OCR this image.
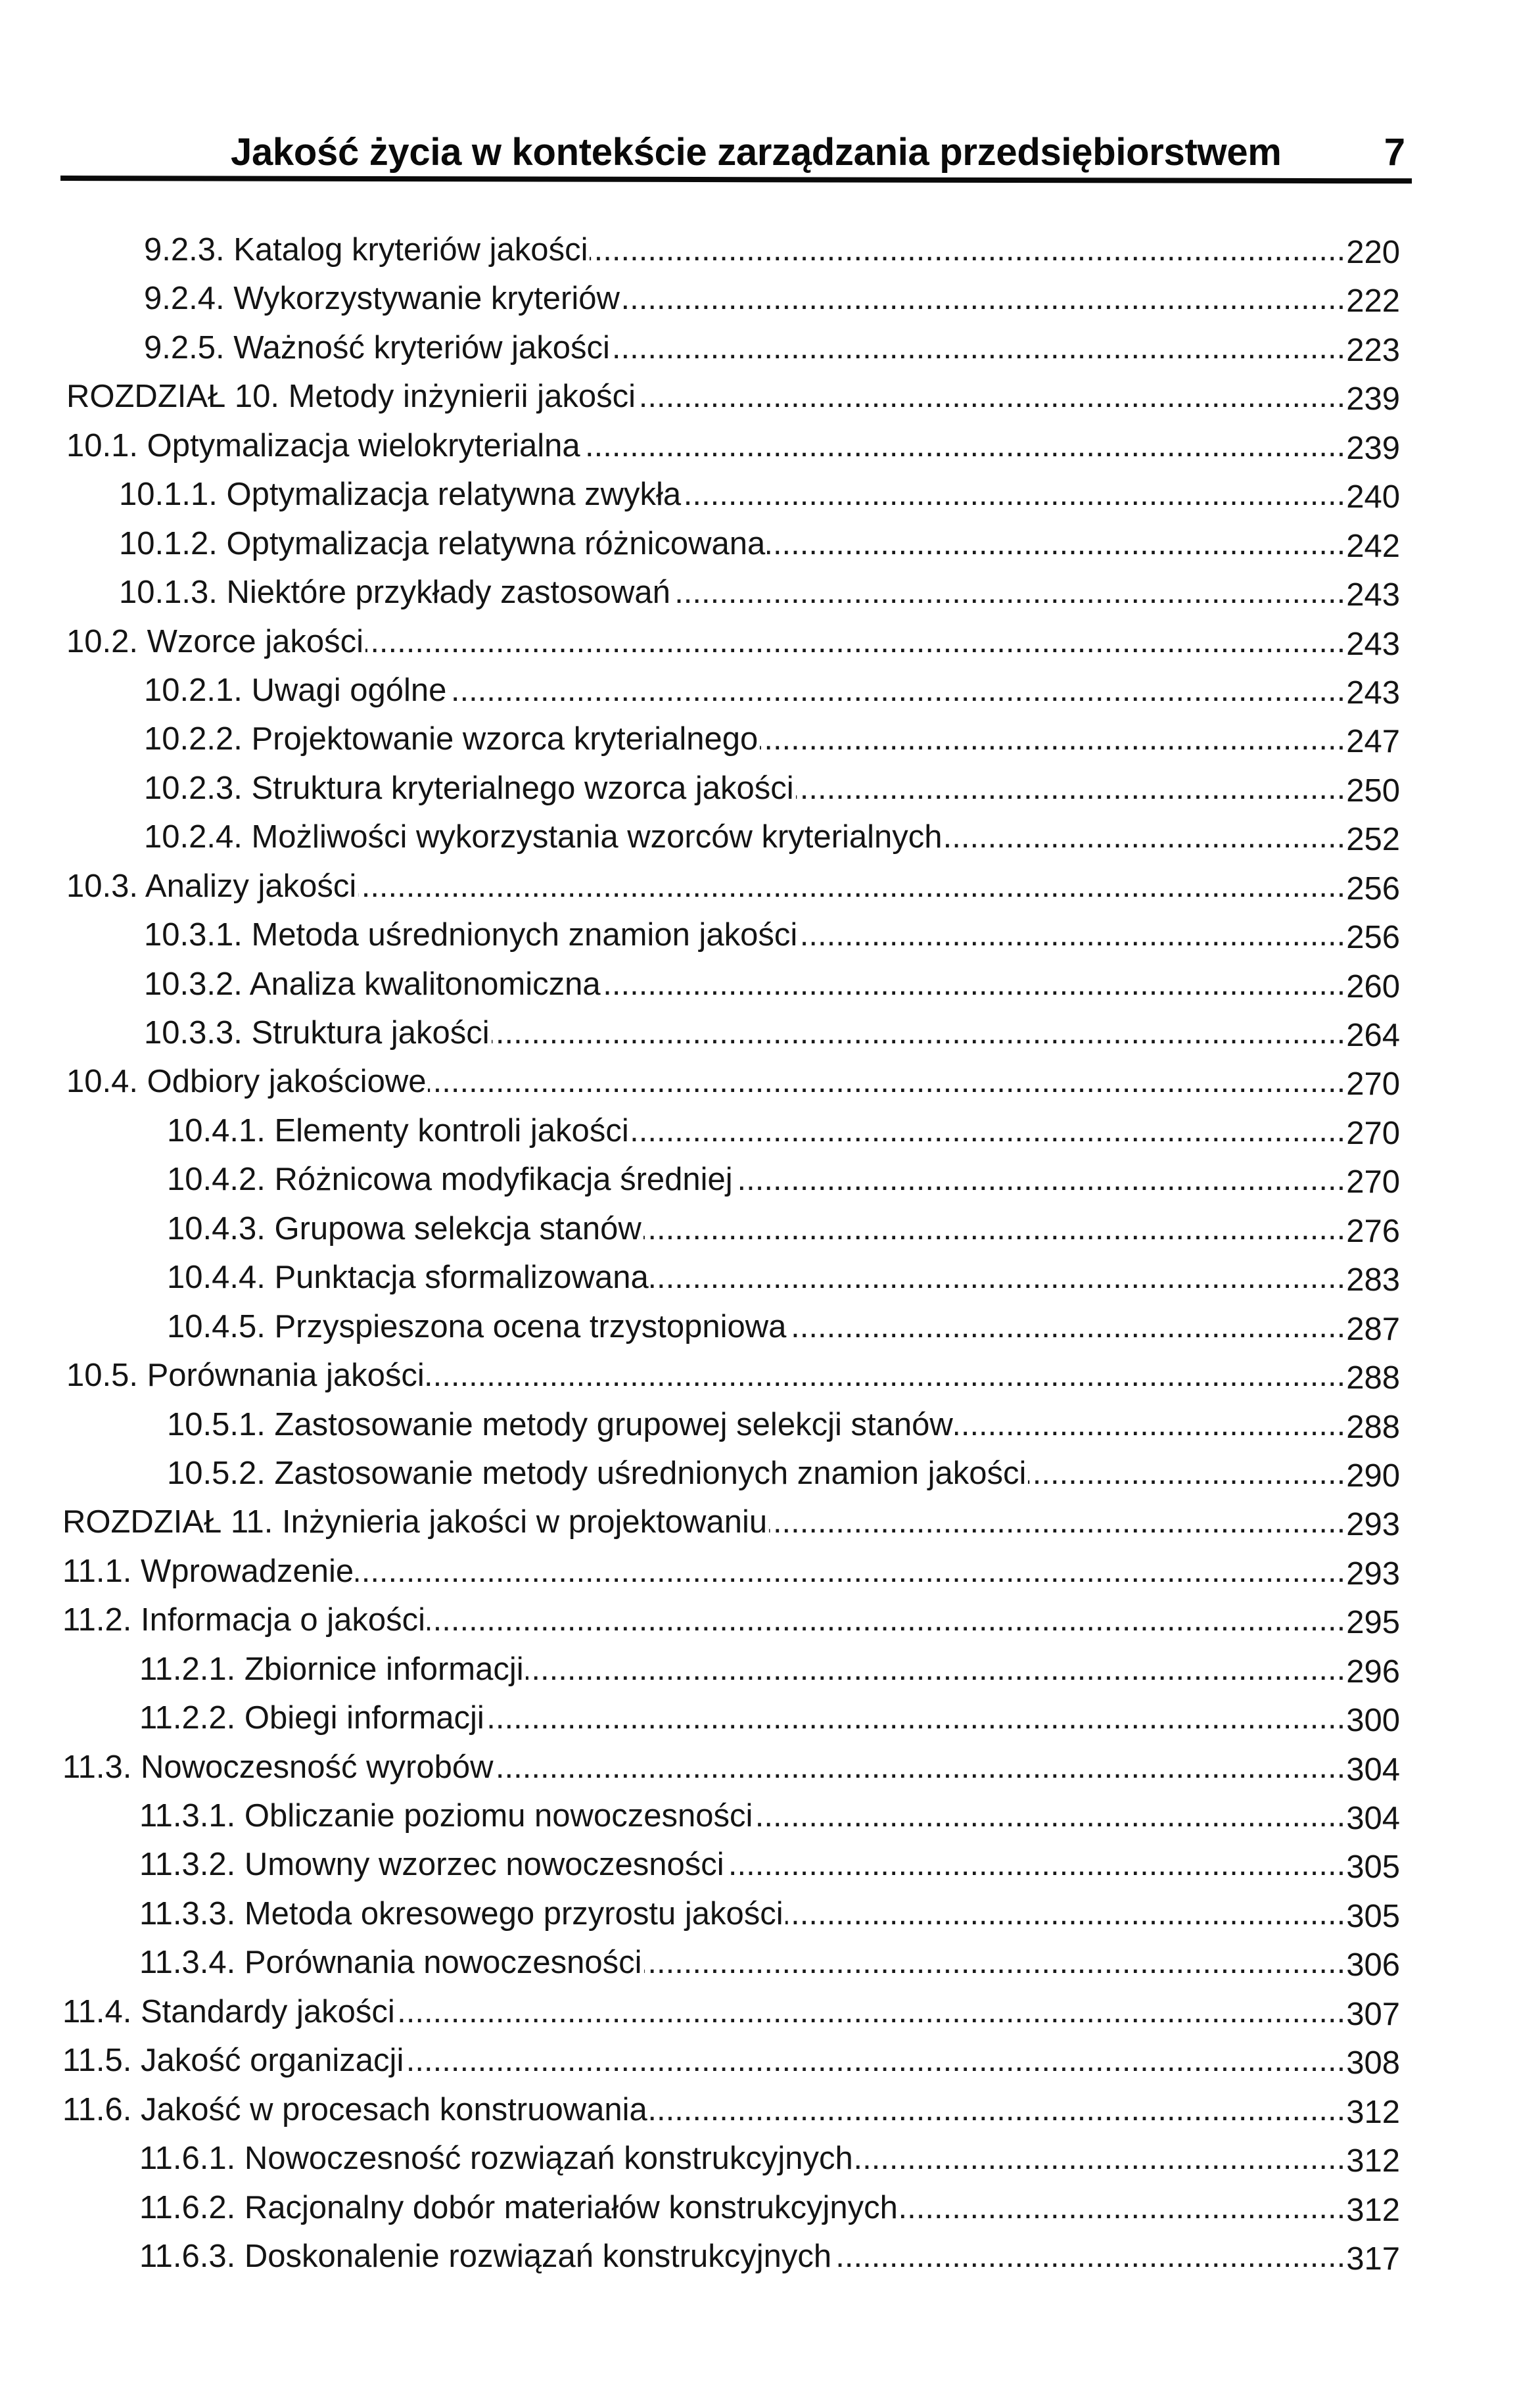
Jakość życia w kontekście zarządzania przedsiębiorstwem	7
9.2.3. Katalog kryteriów jakości .....	220
9.2.4. Wykorzystywanie kryteriów .....	222
9.2.5. Ważność kryteriów jakości .....	223
ROZDZIAŁ 10. Metody inżynierii jakości .....	239
10.1. Optymalizacja wielokryterialna .....	239
10.1.1. Optymalizacja relatywna zwykła .....	240
10.1.2. Optymalizacja relatywna różnicowana .....	242
10.1.3. Niektóre przykłady zastosowań .....	243
10.2. Wzorce jakości .....	243
10.2.1. Uwagi ogólne .....	243
10.2.2. Projektowanie wzorca kryterialnego .....	247
10.2.3. Struktura kryterialnego wzorca jakości .....	250
10.2.4. Możliwości wykorzystania wzorców kryterialnych .....	252
10.3. Analizy jakości .....	256
10.3.1. Metoda uśrednionych znamion jakości .....	256
10.3.2. Analiza kwalitonomiczna .....	260
10.3.3. Struktura jakości .....	264
10.4. Odbiory jakościowe .....	270
10.4.1. Elementy kontroli jakości .....	270
10.4.2. Różnicowa modyfikacja średniej .....	270
10.4.3. Grupowa selekcja stanów .....	276
10.4.4. Punktacja sformalizowana .....	283
10.4.5. Przyspieszona ocena trzystopniowa .....	287
10.5. Porównania jakości .....	288
10.5.1. Zastosowanie metody grupowej selekcji stanów .....	288
10.5.2. Zastosowanie metody uśrednionych znamion jakości .....	290
ROZDZIAŁ 11. Inżynieria jakości w projektowaniu .....	293
11.1. Wprowadzenie .....	293
11.2. Informacja o jakości .....	295
11.2.1. Zbiornice informacji .....	296
11.2.2. Obiegi informacji .....	300
11.3. Nowoczesność wyrobów .....	304
11.3.1. Obliczanie poziomu nowoczesności .....	304
11.3.2. Umowny wzorzec nowoczesności .....	305
11.3.3. Metoda okresowego przyrostu jakości .....	305
11.3.4. Porównania nowoczesności .....	306
11.4. Standardy jakości .....	307
11.5. Jakość organizacji .....	308
11.6. Jakość w procesach konstruowania .....	312
11.6.1. Nowoczesność rozwiązań konstrukcyjnych .....	312
11.6.2. Racjonalny dobór materiałów konstrukcyjnych .....	312
11.6.3. Doskonalenie rozwiązań konstrukcyjnych .....	317
